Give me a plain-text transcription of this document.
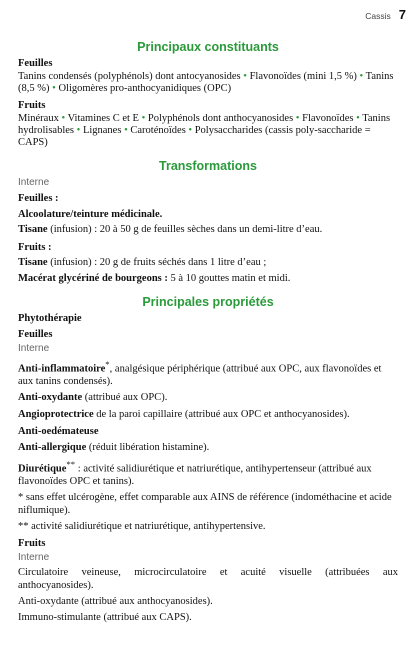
Cassis 7
Principaux constituants

Feuilles

Tanins condensés (polyphénols) dont antocyanosides • Flavonoïdes (mini 1,5 %) • Tanins (8,5 %) • Oligomères pro-anthocyanidiques (OPC)

Fruits

Minéraux • Vitamines C et E • Polyphénols dont anthocyanosides • Flavonoïdes • Tanins hydrolisables • Lignanes • Caroténoïdes • Polysaccharides (cassis poly-saccharide = CAPS)

Transformations

Interne

Feuilles :

Alcoolature/teinture médicinale.

Tisane (infusion) : 20 à 50 g de feuilles sèches dans un demi-litre d’eau.

Fruits :

Tisane (infusion) : 20 g de fruits séchés dans 1 litre d’eau ;

Macérat glycériné de bourgeons : 5 à 10 gouttes matin et midi.

Principales propriétés

Phytothérapie

Feuilles

Interne

Anti-inflammatoire*, analgésique périphérique (attribué aux OPC, aux flavonoïdes et aux tanins condensés).

Anti-oxydante (attribué aux OPC).

Angioprotectrice de la paroi capillaire (attribué aux OPC et anthocyanosides).

Anti-oedémateuse

Anti-allergique (réduit libération histamine).

Diurétique** : activité salidiurétique et natriurétique, antihypertenseur (attribué aux flavonoïdes OPC et tanins).

* sans effet ulcérogène, effet comparable aux AINS de référence (indométhacine et acide niflumique).

** activité salidiurétique et natriurétique, antihypertensive.

Fruits

Interne

Circulatoire veineuse, microcirculatoire et acuité visuelle (attribuées aux anthocyanosides).

Anti-oxydante (attribué aux anthocyanosides).

Immuno-stimulante (attribué aux CAPS).
